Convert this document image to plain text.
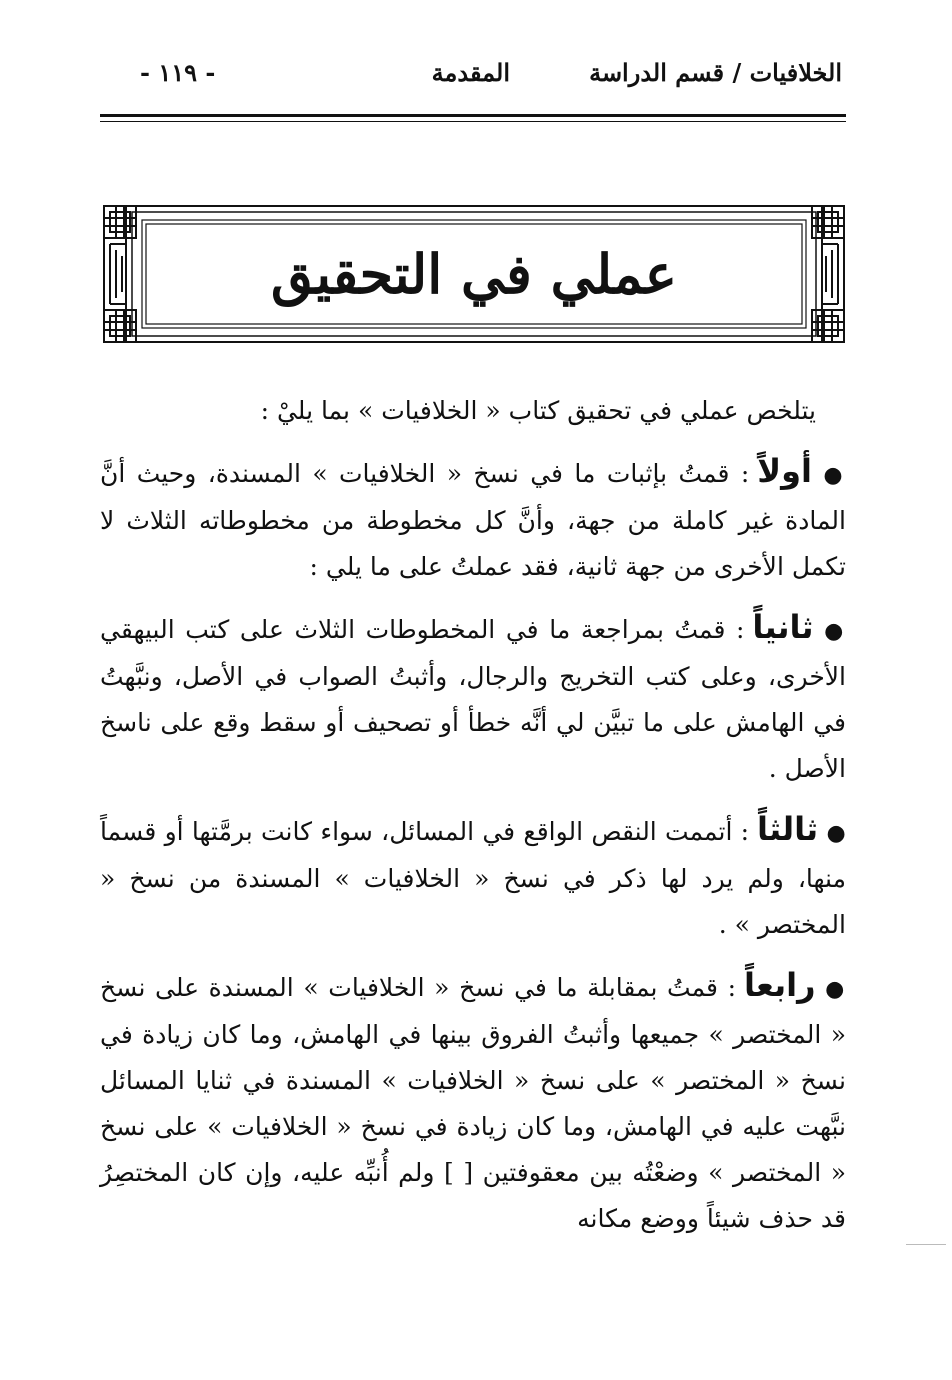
الخلافيات / قسم الدراسة
المقدمة
- ١١٩ -
عملي في التحقيق

يتلخص عملي في تحقيق كتاب « الخلافيات » بما يليْ :

● أولاً : قمتُ بإثبات ما في نسخ « الخلافيات » المسندة، وحيث أنَّ المادة غير كاملة من جهة، وأنَّ كل مخطوطة من مخطوطاته الثلاث لا تكمل الأخرى من جهة ثانية، فقد عملتُ على ما يلي :

● ثانياً : قمتُ بمراجعة ما في المخطوطات الثلاث على كتب البيهقي الأخرى، وعلى كتب التخريج والرجال، وأثبتُ الصواب في الأصل، ونبَّهتُ في الهامش على ما تبيَّن لي أنَّه خطأ أو تصحيف أو سقط وقع على ناسخ الأصل .

● ثالثاً : أتممت النقص الواقع في المسائل، سواء كانت برمَّتها أو قسماً منها، ولم يرد لها ذكر في نسخ « الخلافيات » المسندة من نسخ « المختصر » .

● رابعاً : قمتُ بمقابلة ما في نسخ « الخلافيات » المسندة على نسخ « المختصر » جميعها وأثبتُ الفروق بينها في الهامش، وما كان زيادة في نسخ « المختصر » على نسخ « الخلافيات » المسندة في ثنايا المسائل نبَّهت عليه في الهامش، وما كان زيادة في نسخ « الخلافيات » على نسخ « المختصر » وضعْتُه بين معقوفتين [ ] ولم أُنبِّه عليه، وإن كان المختصِرُ قد حذف شيئاً ووضع مكانه
